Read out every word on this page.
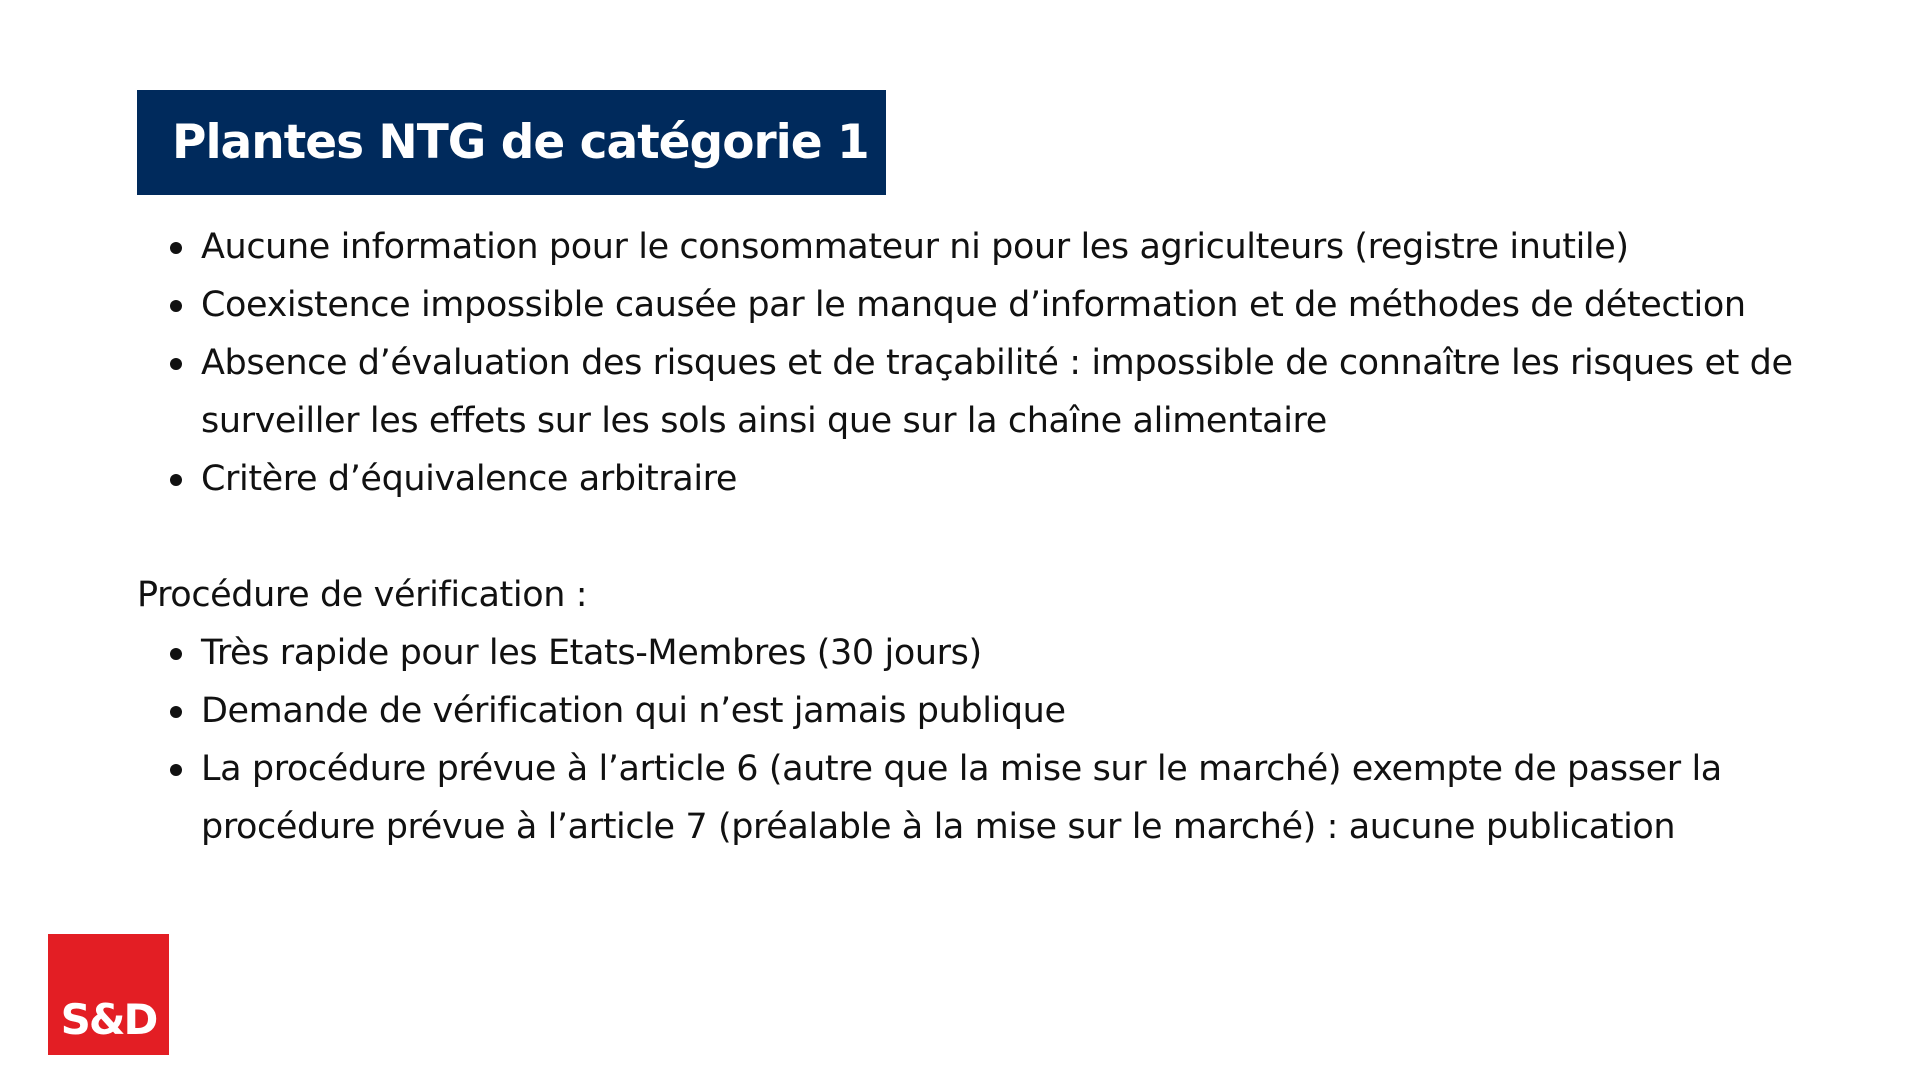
Plantes NTG de catégorie 1
Aucune information pour le consommateur ni pour les agriculteurs (registre inutile)
Coexistence impossible causée par le manque d’information et de méthodes de détection
Absence d’évaluation des risques et de traçabilité : impossible de connaître les risques et de surveiller les effets sur les sols ainsi que sur la chaîne alimentaire
Critère d’équivalence arbitraire

Procédure de vérification :

Très rapide pour les Etats-Membres (30 jours)
Demande de vérification qui n’est jamais publique
La procédure prévue à l’article 6 (autre que la mise sur le marché) exempte de passer la procédure prévue à l’article 7 (préalable à la mise sur le marché) : aucune publication
S&D
